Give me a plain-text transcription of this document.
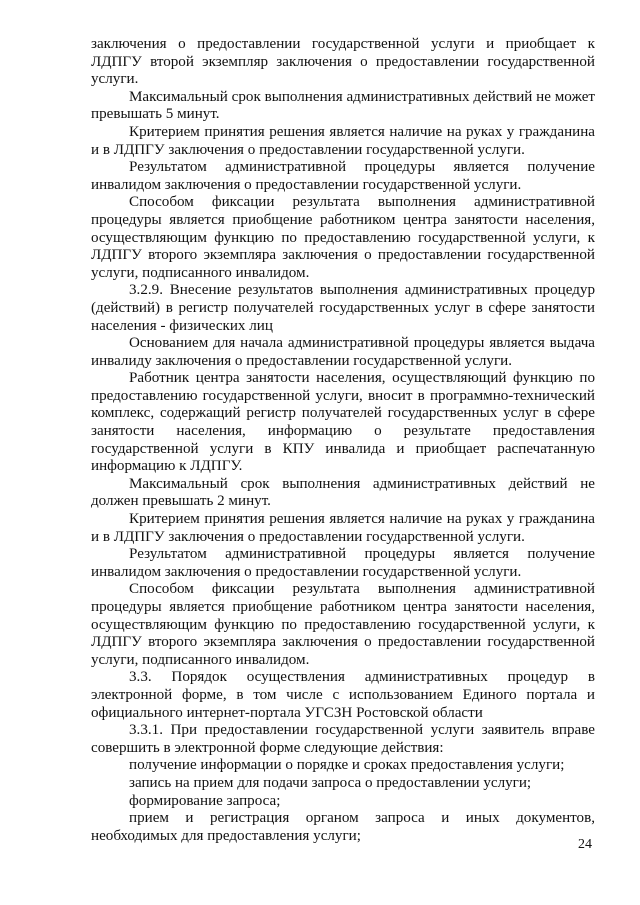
заключения о предоставлении государственной услуги и приобщает к ЛДПГУ второй экземпляр заключения о предоставлении государственной услуги.

Максимальный срок выполнения административных действий не может превышать 5 минут.

Критерием принятия решения является наличие на руках у гражданина и в ЛДПГУ заключения о предоставлении государственной услуги.

Результатом административной процедуры является получение инвалидом заключения о предоставлении государственной услуги.

Способом фиксации результата выполнения административной процедуры является приобщение работником центра занятости населения, осуществляющим функцию по предоставлению государственной услуги, к ЛДПГУ второго экземпляра заключения о предоставлении государственной услуги, подписанного инвалидом.

3.2.9. Внесение результатов выполнения административных процедур (действий) в регистр получателей государственных услуг в сфере занятости населения - физических лиц

Основанием для начала административной процедуры является выдача инвалиду заключения о предоставлении государственной услуги.

Работник центра занятости населения, осуществляющий функцию по предоставлению государственной услуги, вносит в программно-технический комплекс, содержащий регистр получателей государственных услуг в сфере занятости населения, информацию о результате предоставления государственной услуги в КПУ инвалида и приобщает распечатанную информацию к ЛДПГУ.

Максимальный срок выполнения административных действий не должен превышать 2 минут.

Критерием принятия решения является наличие на руках у гражданина и в ЛДПГУ заключения о предоставлении государственной услуги.

Результатом административной процедуры является получение инвалидом заключения о предоставлении государственной услуги.

Способом фиксации результата выполнения административной процедуры является приобщение работником центра занятости населения, осуществляющим функцию по предоставлению государственной услуги, к ЛДПГУ второго экземпляра заключения о предоставлении государственной услуги, подписанного инвалидом.

3.3. Порядок осуществления административных процедур в электронной форме, в том числе с использованием Единого портала и официального интернет-портала УГСЗН Ростовской области

3.3.1. При предоставлении государственной услуги заявитель вправе совершить в электронной форме следующие действия:

получение информации о порядке и сроках предоставления услуги;

запись на прием для подачи запроса о предоставлении услуги;

формирование запроса;

прием и регистрация органом запроса и иных документов, необходимых для предоставления услуги;

24
